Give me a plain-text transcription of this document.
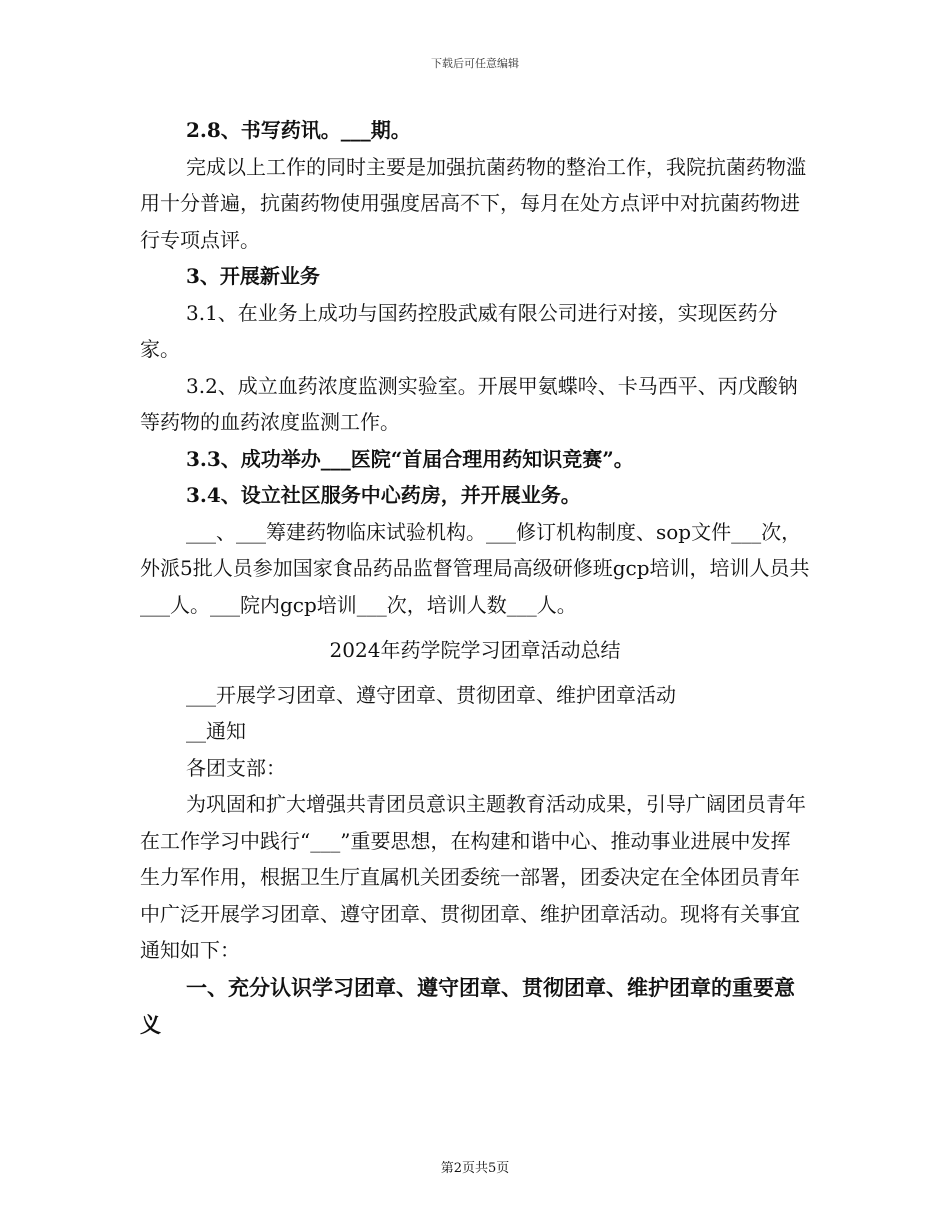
下载后可任意编辑

2.8、书写药讯。___期。

完成以上工作的同时主要是加强抗菌药物的整治工作，我院抗菌药物滥用十分普遍，抗菌药物使用强度居高不下，每月在处方点评中对抗菌药物进行专项点评。

3、开展新业务

3.1、在业务上成功与国药控股武威有限公司进行对接，实现医药分家。

3.2、成立血药浓度监测实验室。开展甲氨蝶呤、卡马西平、丙戊酸钠等药物的血药浓度监测工作。

3.3、成功举办___医院“首届合理用药知识竞赛”。

3.4、设立社区服务中心药房，并开展业务。

___、___筹建药物临床试验机构。___修订机构制度、sop文件___次，外派5批人员参加国家食品药品监督管理局高级研修班gcp培训，培训人员共___人。___院内gcp培训___次，培训人数___人。

2024年药学院学习团章活动总结

___开展学习团章、遵守团章、贯彻团章、维护团章活动

__通知

各团支部：

为巩固和扩大增强共青团员意识主题教育活动成果，引导广阔团员青年在工作学习中践行“___”重要思想，在构建和谐中心、推动事业进展中发挥生力军作用，根据卫生厅直属机关团委统一部署，团委决定在全体团员青年中广泛开展学习团章、遵守团章、贯彻团章、维护团章活动。现将有关事宜通知如下：

一、充分认识学习团章、遵守团章、贯彻团章、维护团章的重要意义

第2页共5页
